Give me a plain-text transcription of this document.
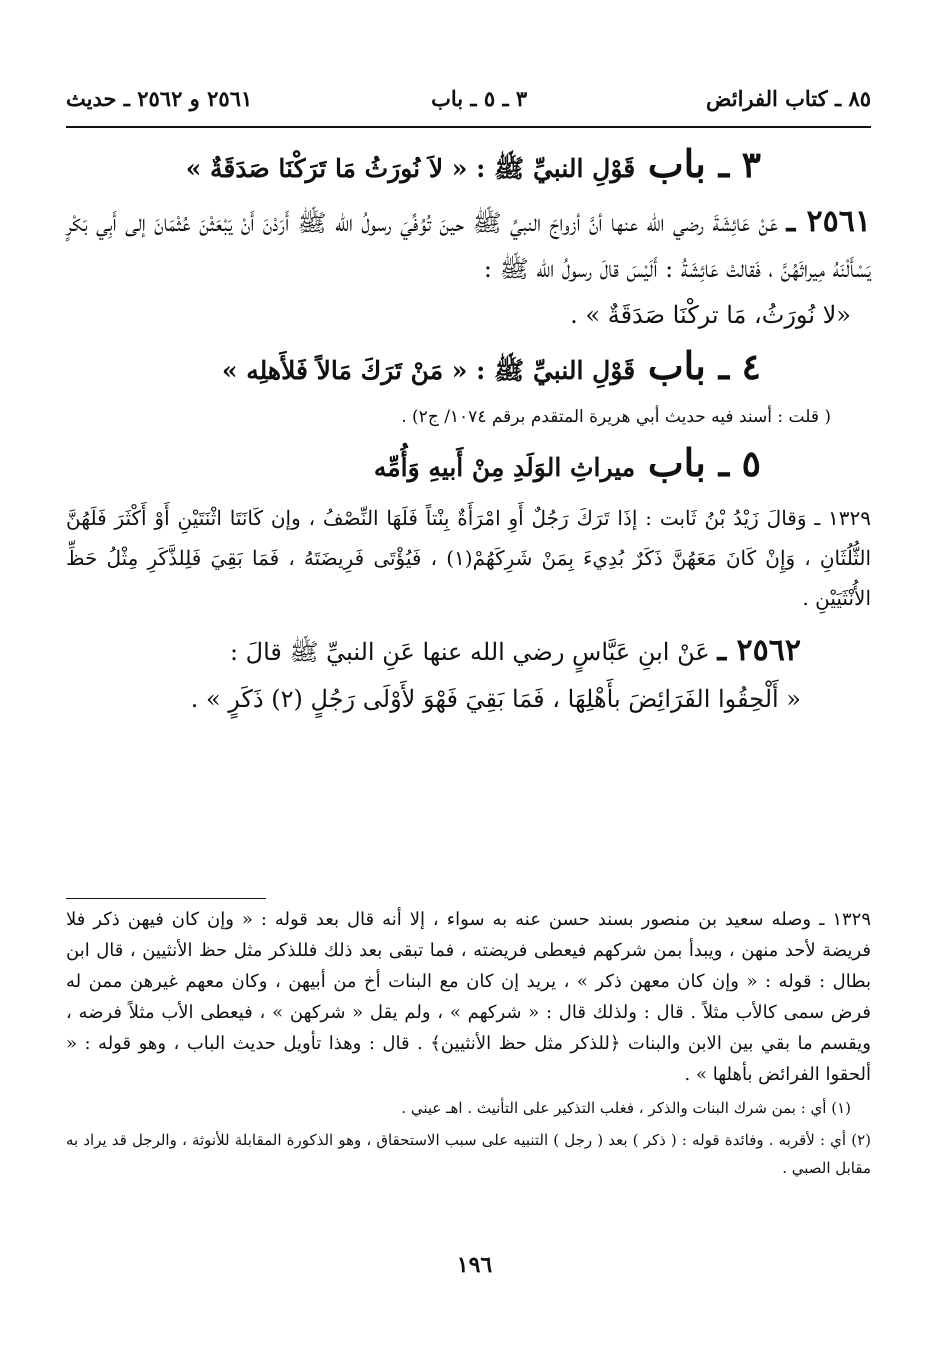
٨٥ ـ كتاب الفرائض
٣ ـ ٥ ـ باب
٢٥٦١ و ٢٥٦٢ ـ حديث
٣ ـ باب قَوْلِ النبيِّ ﷺ : « لاَ نُورَثُ مَا تَرَكْنَا صَدَقَةٌ »

٢٥٦١ ـ عَنْ عَائِشَةَ رضي الله عنها أنَّ أزواجَ النبيِّ ﷺ حينَ تُوُفِّيَ رسولُ الله ﷺ أَرَدْنَ أَنْ يَبْعَثْنَ عُثْمَانَ إلى أَبِي بَكْرٍ يَسْأَلْنَهُ مِيراثَهُنَّ ، فَقالتْ عَائِشَةُ : أَلَيْسَ قالَ رسولُ الله ﷺ :

«لا نُورَثُ، مَا تركْنَا صَدَقَةٌ » .

٤ ـ باب قَوْلِ النبيِّ ﷺ : « مَنْ تَرَكَ مَالاً فَلأَهلِه »

( قلت : أسند فيه حديث أبي هريرة المتقدم برقم ١٠٧٤/ ج٢) .

٥ ـ باب ميراثِ الوَلَدِ مِنْ أَبيهِ وَأُمِّه

١٣٢٩ ـ وَقالَ زَيْدُ بْنُ ثَابت : إذَا تَرَكَ رَجُلٌ أَوِ امْرَأَةٌ بِنْتاً فَلَهَا النِّصْفُ ، وإن كَانَتَا اثْنَتَيْنِ أَوْ أَكْثَرَ فَلَهُنَّ الثُّلُثَانِ ، وَإِنْ كَانَ مَعَهُنَّ ذَكَرٌ بُدِيءَ بِمَنْ شَرِكَهُمْ(١) ، فَيُؤْتَى فَرِيضَتَهُ ، فَمَا بَقِيَ فَلِلذَّكَرِ مِثْلُ حَظِّ الأُنْثَيَيْنِ .

٢٥٦٢ ـ عَنْ ابنِ عَبَّاسٍ رضي الله عنها عَنِ النبيِّ ﷺ قالَ :

« أَلْحِقُوا الفَرَائِضَ بأَهْلِهَا ، فَمَا بَقِيَ فَهْوَ لأَوْلَى رَجُلٍ (٢) ذَكَرٍ » .

١٣٢٩ ـ وصله سعيد بن منصور بسند حسن عنه به سواء ، إلا أنه قال بعد قوله : « وإن كان فيهن ذكر فلا فريضة لأحد منهن ، ويبدأ بمن شركهم فيعطى فريضته ، فما تبقى بعد ذلك فللذكر مثل حظ الأنثيين ، قال ابن بطال : قوله : « وإن كان معهن ذكر » ، يريد إن كان مع البنات أخ من أبيهن ، وكان معهم غيرهن ممن له فرض سمى كالأب مثلاً . قال : ولذلك قال : « شركهم » ، ولم يقل « شركهن » ، فيعطى الأب مثلاً فرضه ، ويقسم ما بقي بين الابن والبنات ﴿للذكر مثل حظ الأنثيين﴾ . قال : وهذا تأويل حديث الباب ، وهو قوله : « ألحقوا الفرائض بأهلها » .

(١) أي : بمن شرك البنات والذكر ، فغلب التذكير على التأنيث . اهـ عيني .

(٢) أي : لأقربه . وفائدة قوله : ( ذكر ) بعد ( رجل ) التنبيه على سبب الاستحقاق ، وهو الذكورة المقابلة للأنوثة ، والرجل قد يراد به مقابل الصبي .

١٩٦
